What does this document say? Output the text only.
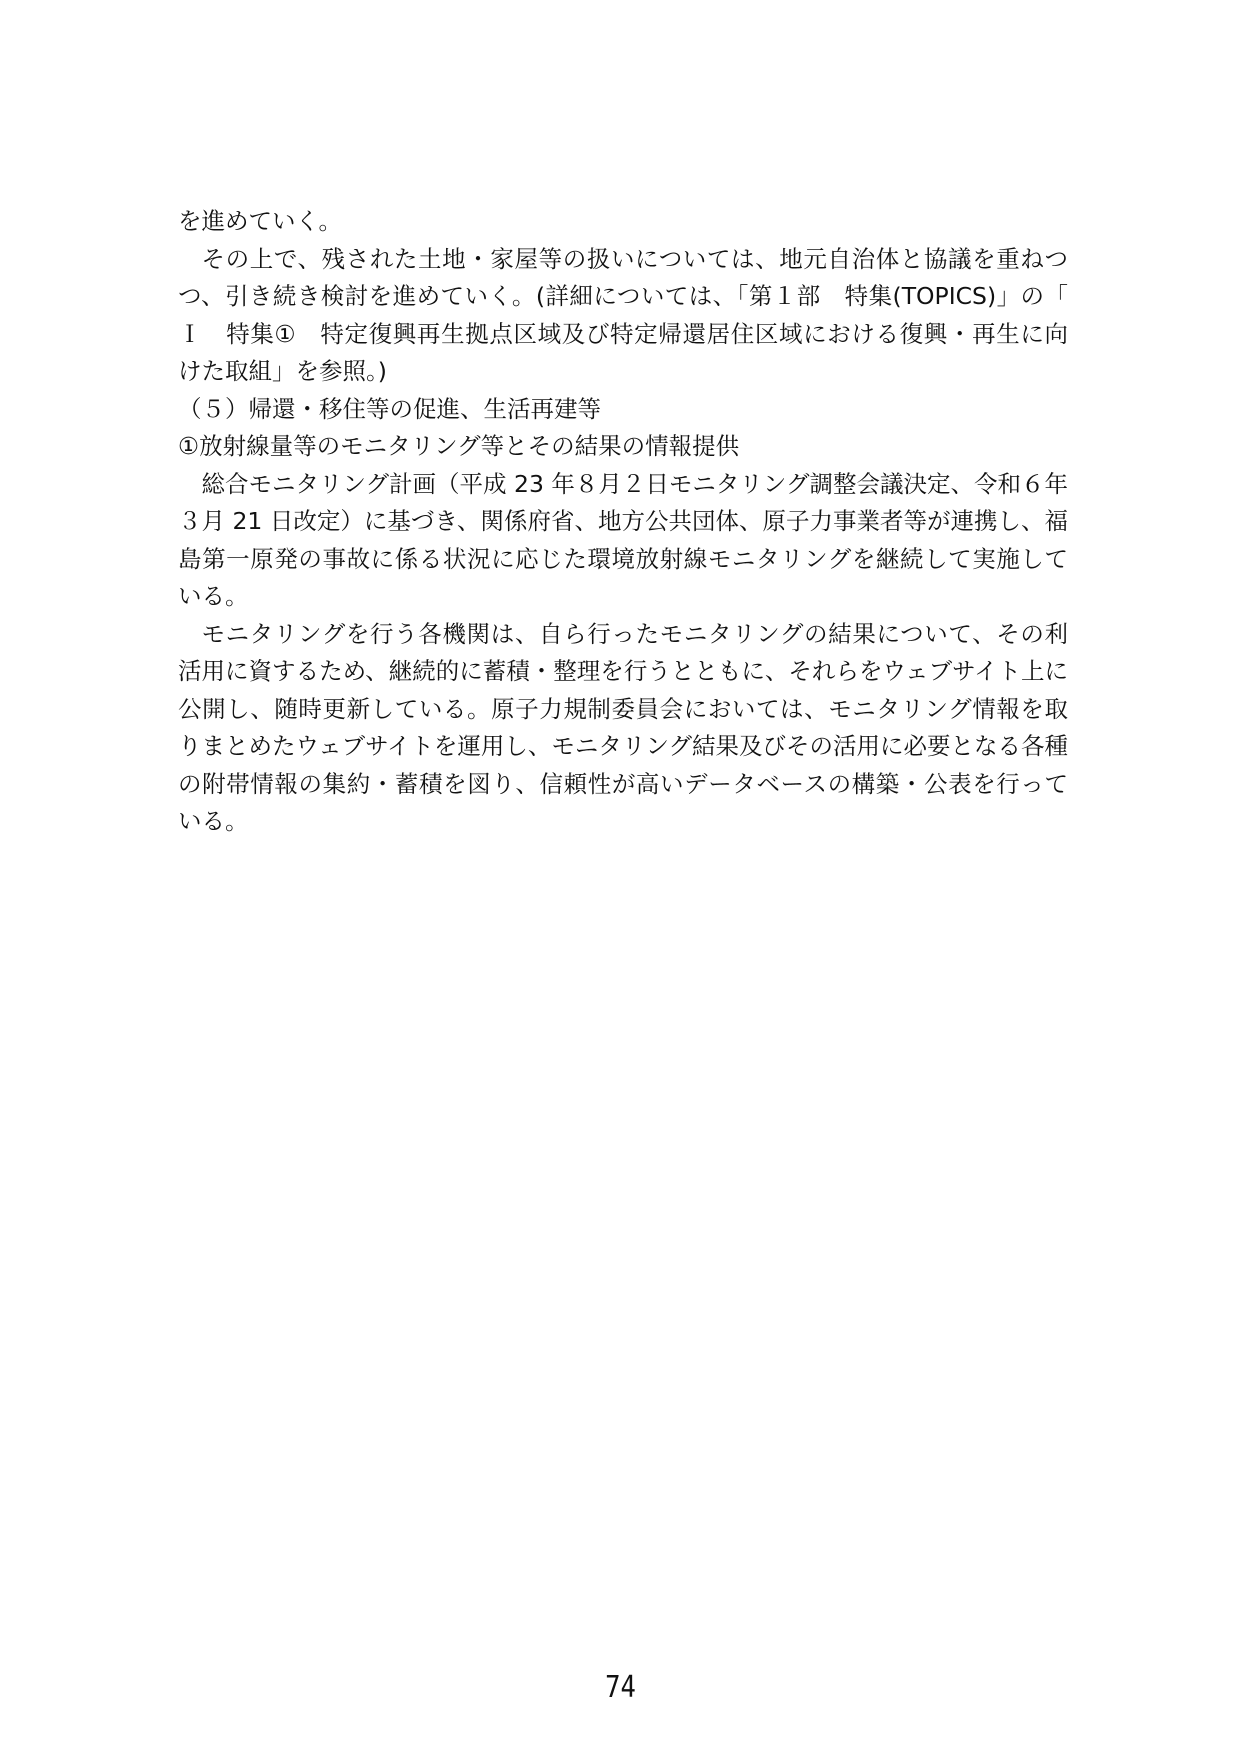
を進めていく。

その上で、残された土地・家屋等の扱いについては、地元自治体と協議を重ねつつ、引き続き検討を進めていく。(詳細については、「第１部　特集(TOPICS)」の「Ｉ　特集①　特定復興再生拠点区域及び特定帰還居住区域における復興・再生に向けた取組」を参照。)

（５）帰還・移住等の促進、生活再建等

①放射線量等のモニタリング等とその結果の情報提供

総合モニタリング計画（平成 23 年８月２日モニタリング調整会議決定、令和６年３月 21 日改定）に基づき、関係府省、地方公共団体、原子力事業者等が連携し、福島第一原発の事故に係る状況に応じた環境放射線モニタリングを継続して実施している。

モニタリングを行う各機関は、自ら行ったモニタリングの結果について、その利活用に資するため、継続的に蓄積・整理を行うとともに、それらをウェブサイト上に公開し、随時更新している。原子力規制委員会においては、モニタリング情報を取りまとめたウェブサイトを運用し、モニタリング結果及びその活用に必要となる各種の附帯情報の集約・蓄積を図り、信頼性が高いデータベースの構築・公表を行っている。

74
